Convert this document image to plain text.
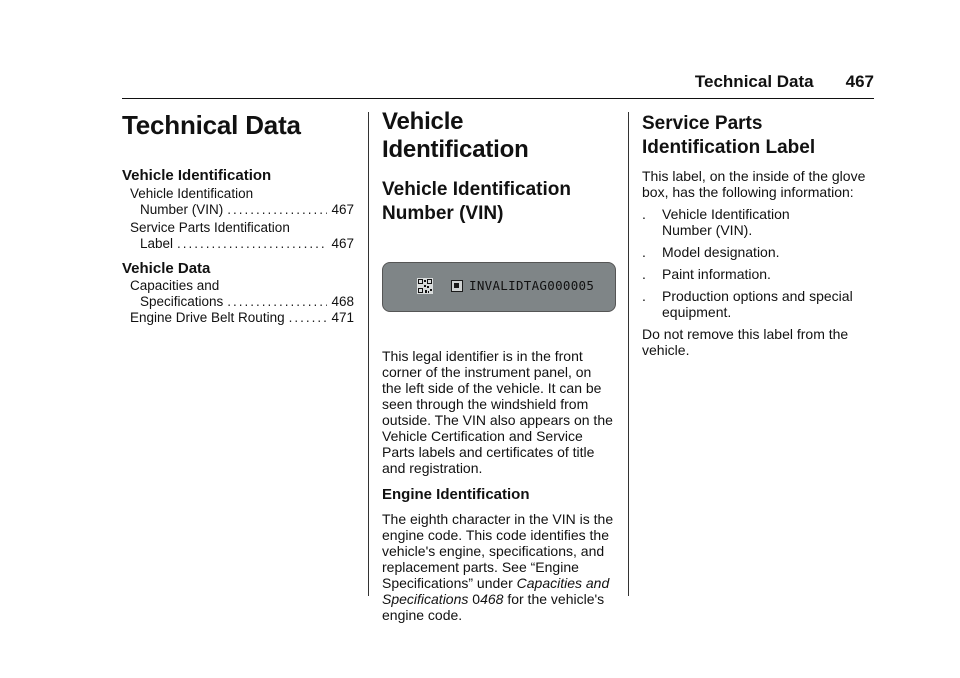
Technical Data 467
Technical Data
Vehicle Identification
Vehicle Identification
Number (VIN) .....	467
Service Parts Identification
Label .....	467
Vehicle Data
Capacities and
Specifications .....	468
Engine Drive Belt Routing .....	471
Vehicle Identification
Vehicle Identification
Number (VIN)
INVALIDTAG000005

This legal identifier is in the front corner of the instrument panel, on the left side of the vehicle. It can be seen through the windshield from outside. The VIN also appears on the Vehicle Certification and Service Parts labels and certificates of title and registration.

Engine Identification

The eighth character in the VIN is the engine code. This code identifies the vehicle's engine, specifications, and replacement parts. See “Engine Specifications” under Capacities and Specifications 0468 for the vehicle's engine code.

Service Parts
Identification Label

This label, on the inside of the glove box, has the following information:

. Vehicle Identification
Number (VIN).
. Model designation.
. Paint information.
. Production options and special
equipment.

Do not remove this label from the vehicle.
